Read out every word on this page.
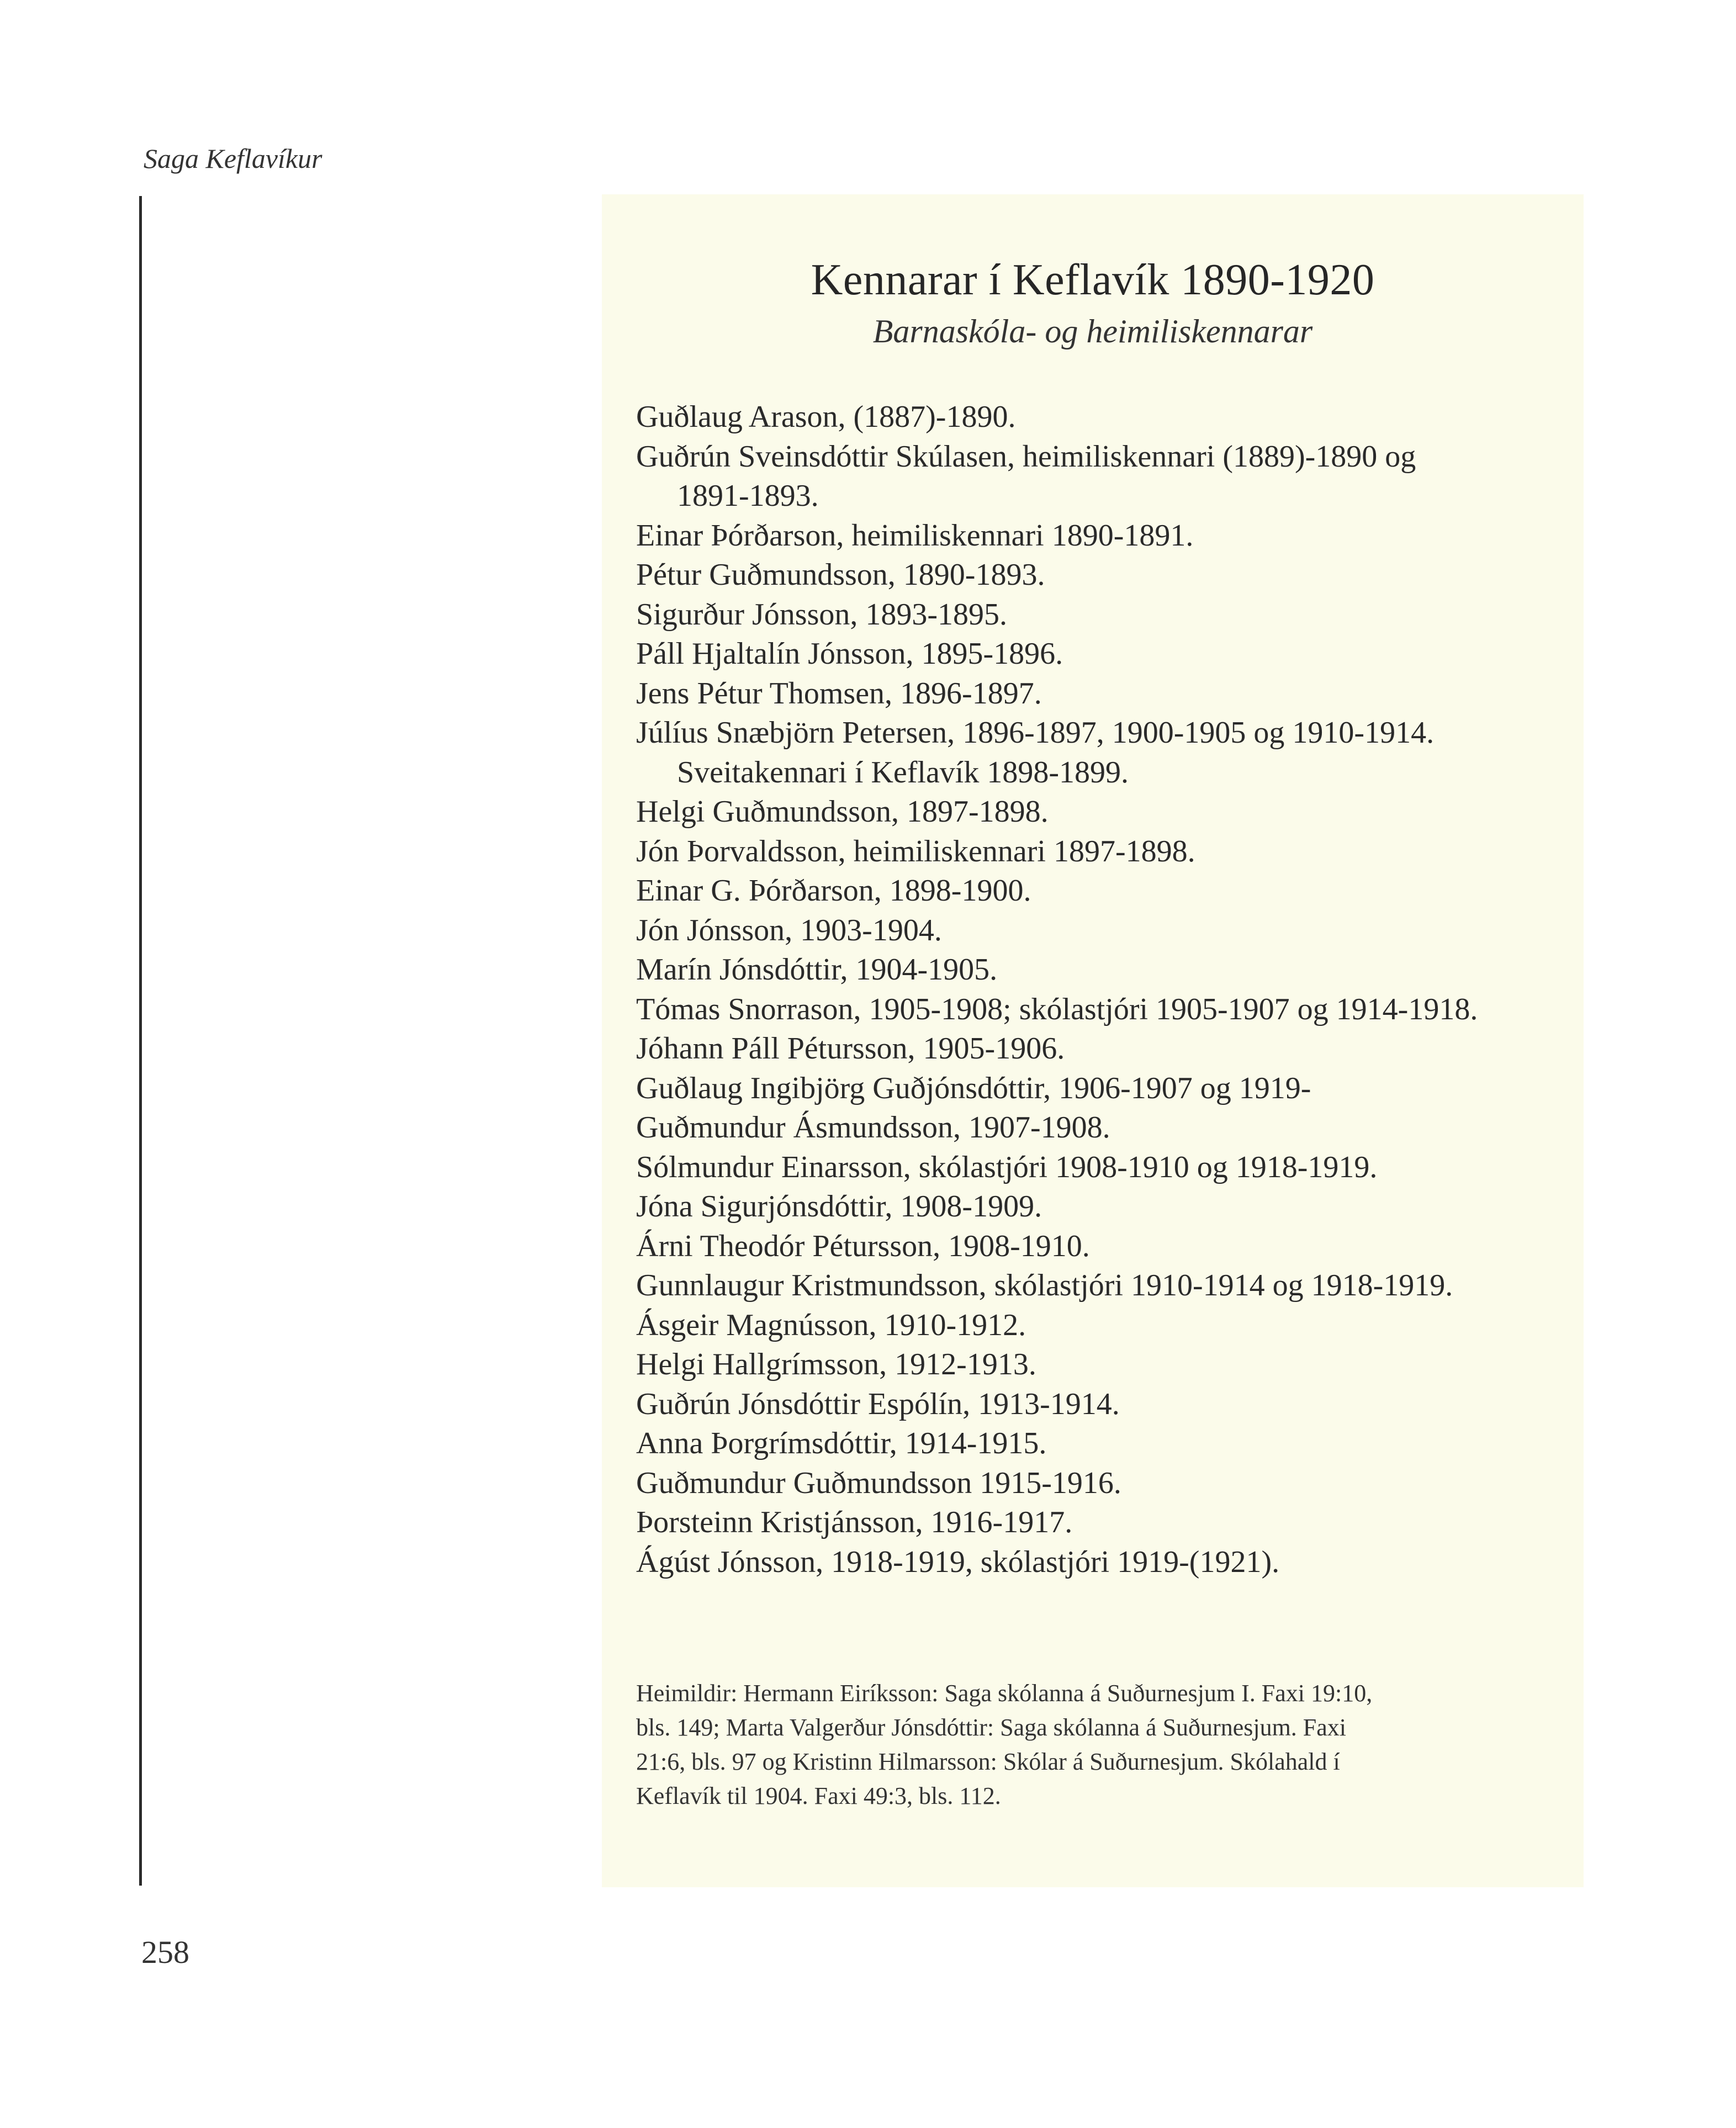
Saga Keflavíkur
Kennarar í Keflavík 1890-1920
Barnaskóla- og heimiliskennarar
Guðlaug Arason, (1887)-1890.
Guðrún Sveinsdóttir Skúlasen, heimiliskennari (1889)-1890 og
1891-1893.
Einar Þórðarson, heimiliskennari 1890-1891.
Pétur Guðmundsson, 1890-1893.
Sigurður Jónsson, 1893-1895.
Páll Hjaltalín Jónsson, 1895-1896.
Jens Pétur Thomsen, 1896-1897.
Júlíus Snæbjörn Petersen, 1896-1897, 1900-1905 og 1910-1914.
Sveitakennari í Keflavík 1898-1899.
Helgi Guðmundsson, 1897-1898.
Jón Þorvaldsson, heimiliskennari 1897-1898.
Einar G. Þórðarson, 1898-1900.
Jón Jónsson, 1903-1904.
Marín Jónsdóttir, 1904-1905.
Tómas Snorrason, 1905-1908; skólastjóri 1905-1907 og 1914-1918.
Jóhann Páll Pétursson, 1905-1906.
Guðlaug Ingibjörg Guðjónsdóttir, 1906-1907 og 1919-
Guðmundur Ásmundsson, 1907-1908.
Sólmundur Einarsson, skólastjóri 1908-1910 og 1918-1919.
Jóna Sigurjónsdóttir, 1908-1909.
Árni Theodór Pétursson, 1908-1910.
Gunnlaugur Kristmundsson, skólastjóri 1910-1914 og 1918-1919.
Ásgeir Magnússon, 1910-1912.
Helgi Hallgrímsson, 1912-1913.
Guðrún Jónsdóttir Espólín, 1913-1914.
Anna Þorgrímsdóttir, 1914-1915.
Guðmundur Guðmundsson 1915-1916.
Þorsteinn Kristjánsson, 1916-1917.
Ágúst Jónsson, 1918-1919, skólastjóri 1919-(1921).
Heimildir: Hermann Eiríksson: Saga skólanna á Suðurnesjum I. Faxi 19:10,
bls. 149; Marta Valgerður Jónsdóttir: Saga skólanna á Suðurnesjum. Faxi
21:6, bls. 97 og Kristinn Hilmarsson: Skólar á Suðurnesjum. Skólahald í
Keflavík til 1904. Faxi 49:3, bls. 112.
258
